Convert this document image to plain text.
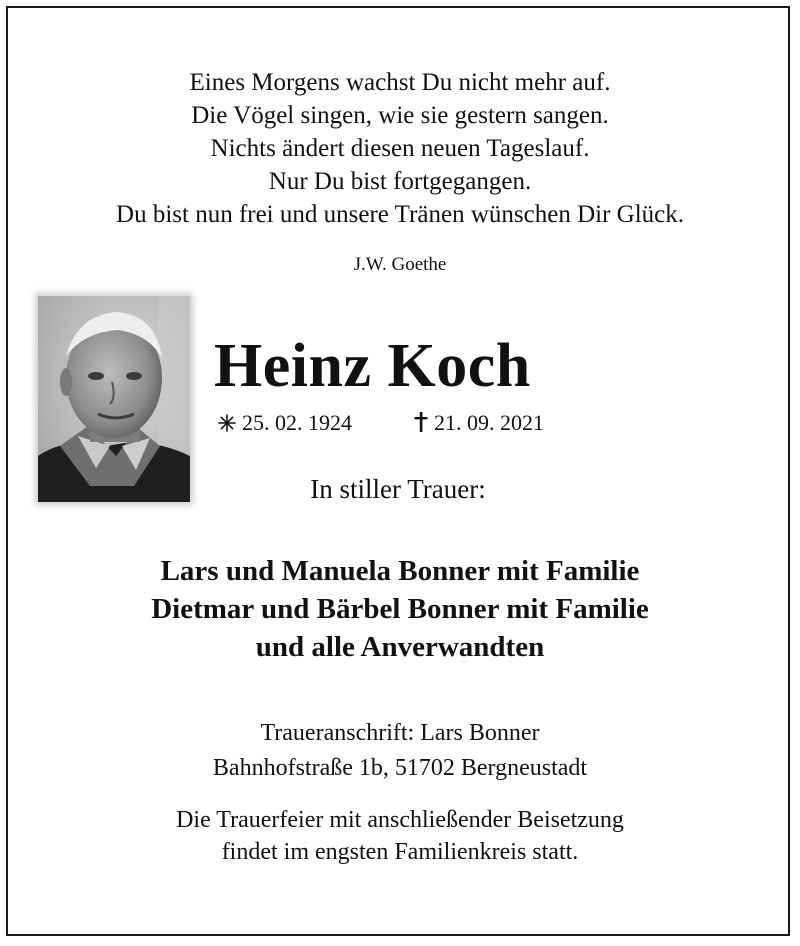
Eines Morgens wachst Du nicht mehr auf.
Die Vögel singen, wie sie gestern sangen.
Nichts ändert diesen neuen Tageslauf.
Nur Du bist fortgegangen.
Du bist nun frei und unsere Tränen wünschen Dir Glück.
J.W. Goethe
Heinz Koch
25. 02. 1924	21. 09. 2021
In stiller Trauer:
Lars und Manuela Bonner mit Familie
Dietmar und Bärbel Bonner mit Familie
und alle Anverwandten
Traueranschrift: Lars Bonner
Bahnhofstraße 1b, 51702 Bergneustadt
Die Trauerfeier mit anschließender Beisetzung
findet im engsten Familienkreis statt.
